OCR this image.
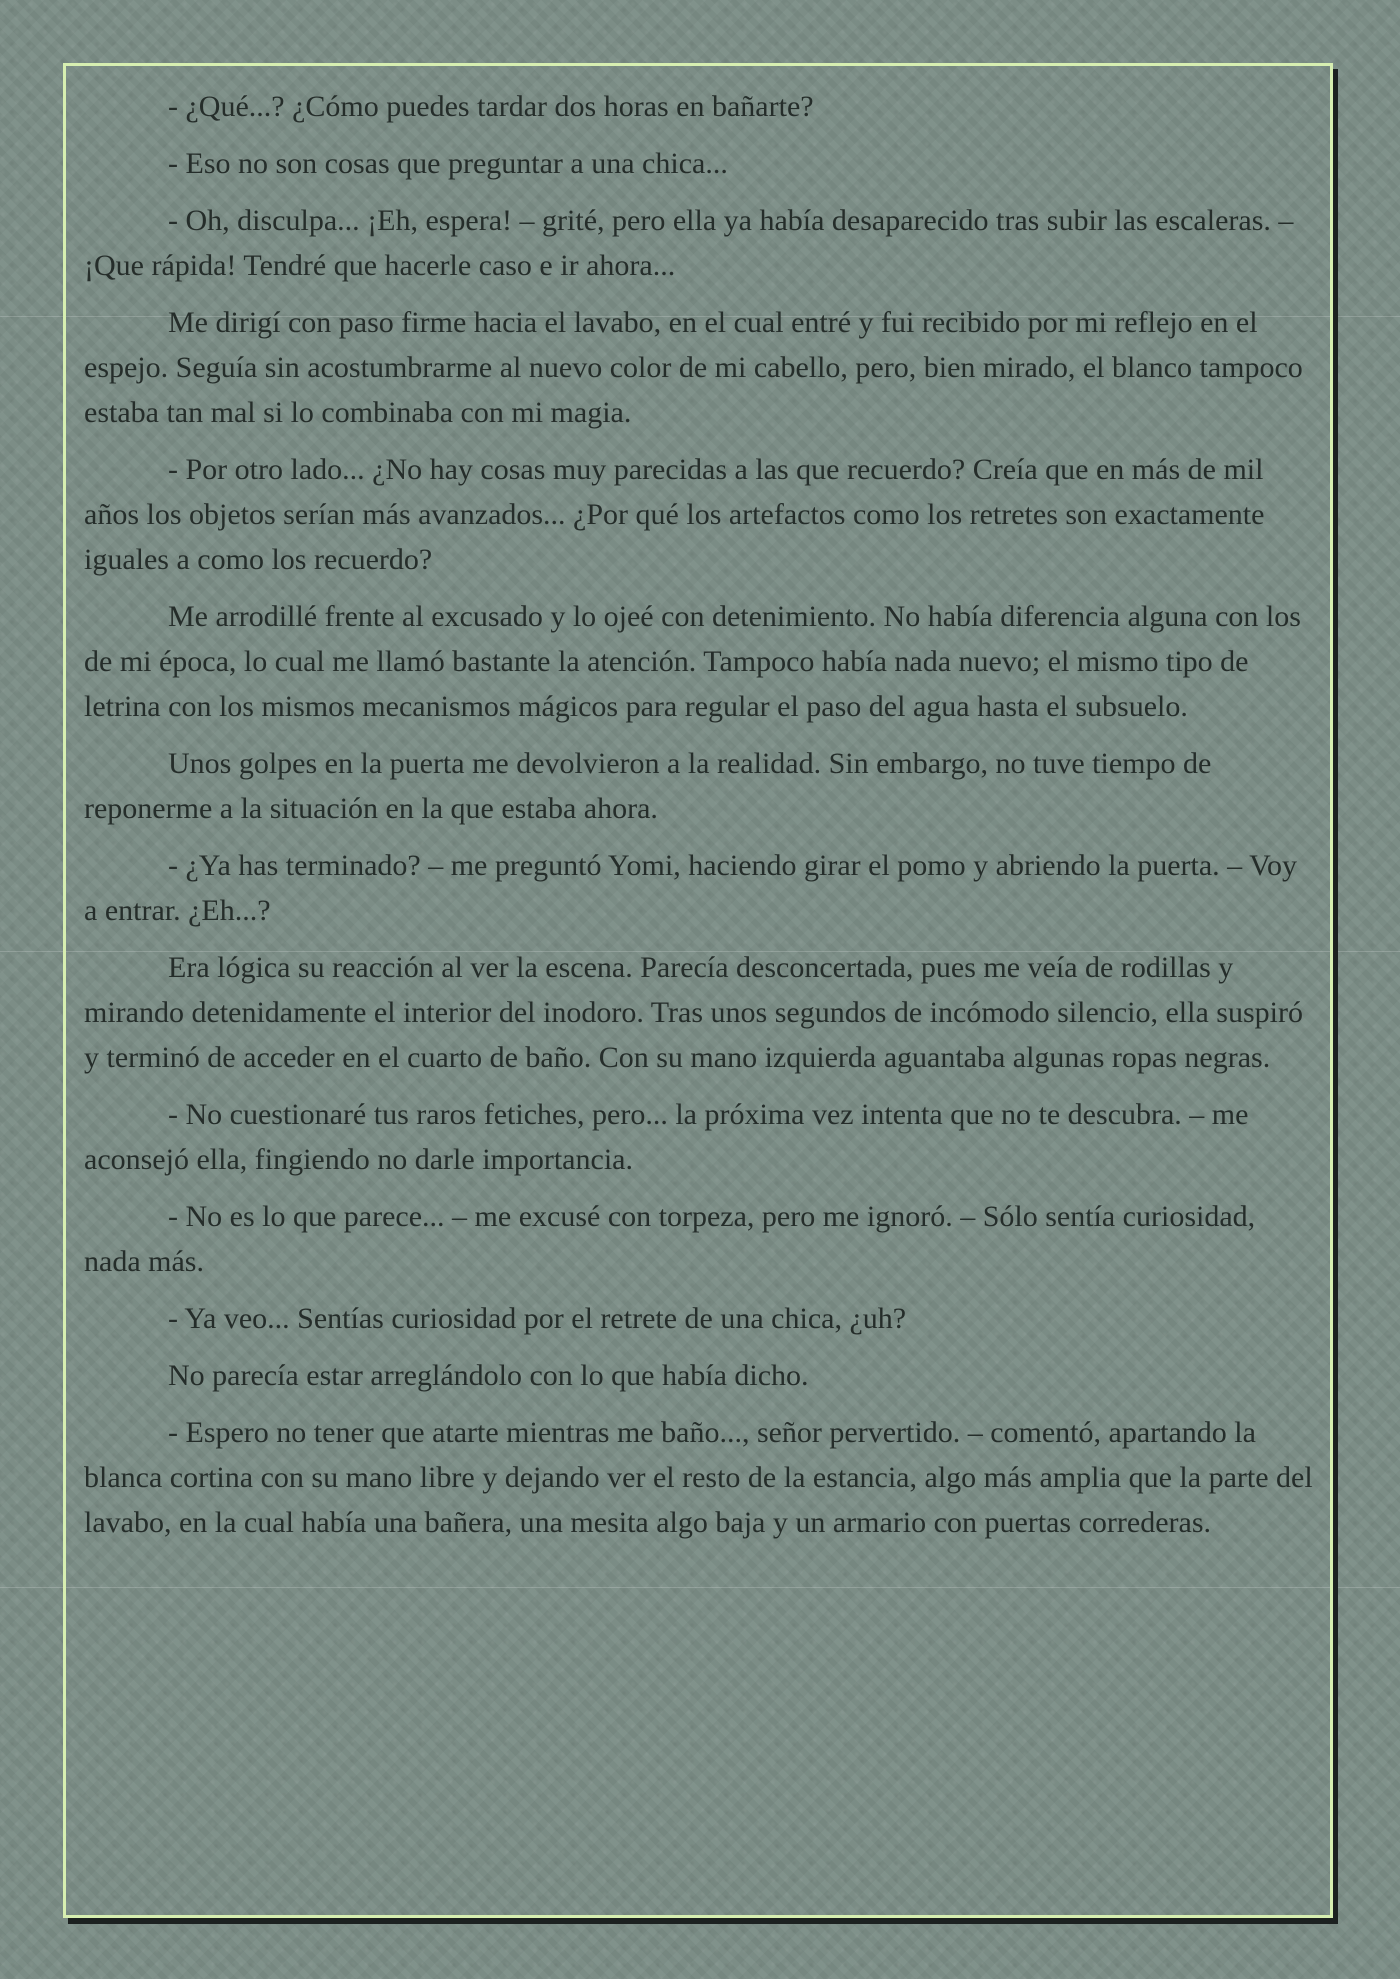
- ¿Qué...? ¿Cómo puedes tardar dos horas en bañarte?

- Eso no son cosas que preguntar a una chica...

- Oh, disculpa... ¡Eh, espera! – grité, pero ella ya había desaparecido tras subir las escaleras. – ¡Que rápida! Tendré que hacerle caso e ir ahora...

Me dirigí con paso firme hacia el lavabo, en el cual entré y fui recibido por mi reflejo en el espejo. Seguía sin acostumbrarme al nuevo color de mi cabello, pero, bien mirado, el blanco tampoco estaba tan mal si lo combinaba con mi magia.

- Por otro lado... ¿No hay cosas muy parecidas a las que recuerdo? Creía que en más de mil años los objetos serían más avanzados... ¿Por qué los artefactos como los retretes son exactamente iguales a como los recuerdo?

Me arrodillé frente al excusado y lo ojeé con detenimiento. No había diferencia alguna con los de mi época, lo cual me llamó bastante la atención. Tampoco había nada nuevo; el mismo tipo de letrina con los mismos mecanismos mágicos para regular el paso del agua hasta el subsuelo.

Unos golpes en la puerta me devolvieron a la realidad. Sin embargo, no tuve tiempo de reponerme a la situación en la que estaba ahora.

- ¿Ya has terminado? – me preguntó Yomi, haciendo girar el pomo y abriendo la puerta. – Voy a entrar. ¿Eh...?

Era lógica su reacción al ver la escena. Parecía desconcertada, pues me veía de rodillas y mirando detenidamente el interior del inodoro. Tras unos segundos de incómodo silencio, ella suspiró y terminó de acceder en el cuarto de baño. Con su mano izquierda aguantaba algunas ropas negras.

- No cuestionaré tus raros fetiches, pero... la próxima vez intenta que no te descubra. – me aconsejó ella, fingiendo no darle importancia.

- No es lo que parece... – me excusé con torpeza, pero me ignoró. – Sólo sentía curiosidad, nada más.

- Ya veo... Sentías curiosidad por el retrete de una chica, ¿uh?

No parecía estar arreglándolo con lo que había dicho.

- Espero no tener que atarte mientras me baño..., señor pervertido. – comentó, apartando la blanca cortina con su mano libre y dejando ver el resto de la estancia, algo más amplia que la parte del lavabo, en la cual había una bañera, una mesita algo baja y un armario con puertas correderas.
